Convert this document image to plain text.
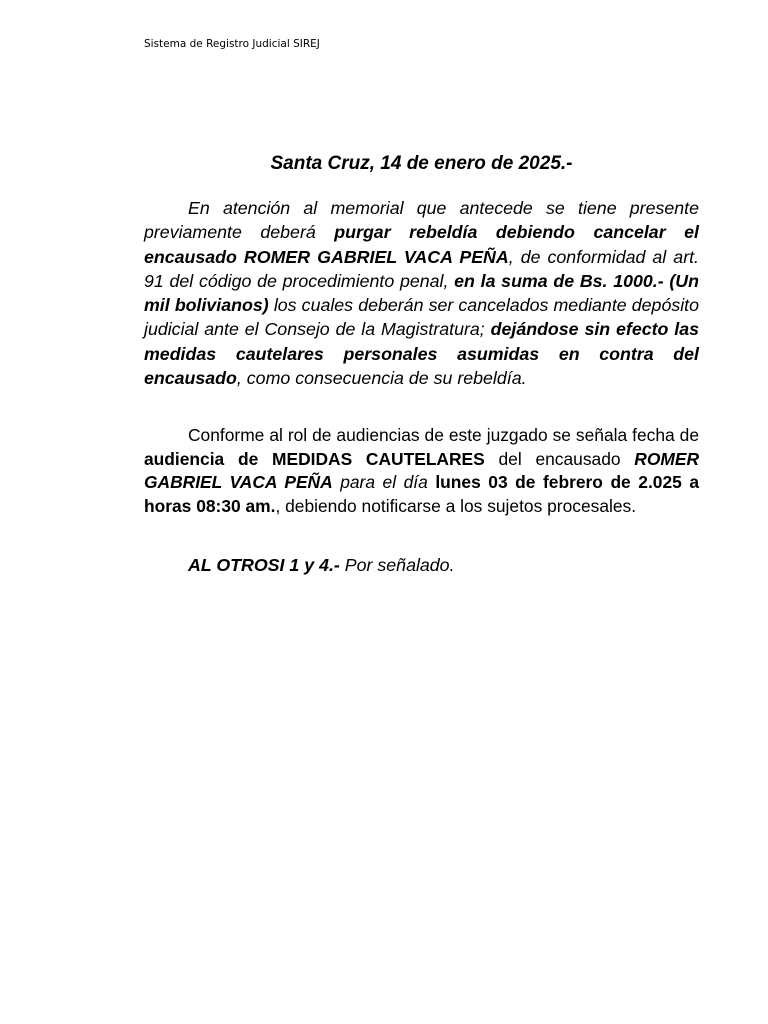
Sistema de Registro Judicial SIREJ
Santa Cruz, 14 de enero de 2025.-

En atención al memorial que antecede se tiene presente previamente deberá purgar rebeldía debiendo cancelar el encausado ROMER GABRIEL VACA PEÑA, de conformidad al art. 91 del código de procedimiento penal, en la suma de Bs. 1000.- (Un mil bolivianos) los cuales deberán ser cancelados mediante depósito judicial ante el Consejo de la Magistratura; dejándose sin efecto las medidas cautelares personales asumidas en contra del encausado, como consecuencia de su rebeldía.

Conforme al rol de audiencias de este juzgado se señala fecha de audiencia de MEDIDAS CAUTELARES del encausado ROMER GABRIEL VACA PEÑA para el día lunes 03 de febrero de 2.025 a horas 08:30 am., debiendo notificarse a los sujetos procesales.

AL OTROSI 1 y 4.- Por señalado.
